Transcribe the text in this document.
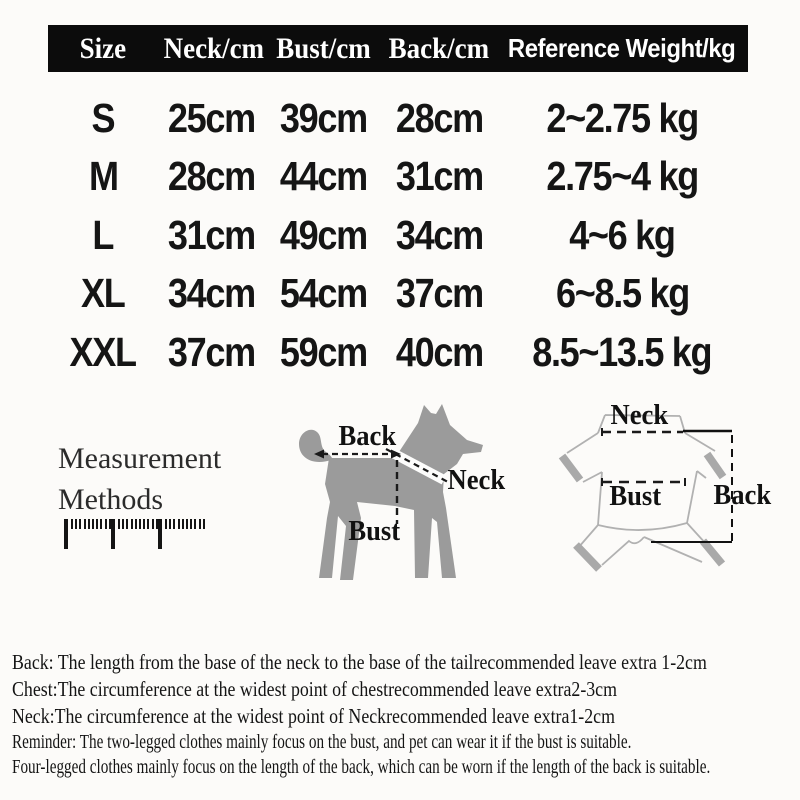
Size	Neck/cm Bust/cm Back/cm Reference Weight/kg
S	25cm 39cm 28cm	2~2.75 kg
M	28cm 44cm 31cm	2.75~4 kg
L	31cm 49cm 34cm	4~6 kg
XL	34cm 54cm 37cm	6~8.5 kg
XXL 37cm 59cm 40cm	8.5~13.5 kg
Measurement
Methods
Back
Neck
Bust
Neck
Bust Back
Back: The length from the base of the neck to the base of the tailrecommended leave extra 1-2cm
Chest:The circumference at the widest point of chestrecommended leave extra2-3cm
Neck:The circumference at the widest point of Neckrecommended leave extra1-2cm
Reminder: The two-legged clothes mainly focus on the bust, and pet can wear it if the bust is suitable.
Four-legged clothes mainly focus on the length of the back, which can be worn if the length of the back is suitable.
